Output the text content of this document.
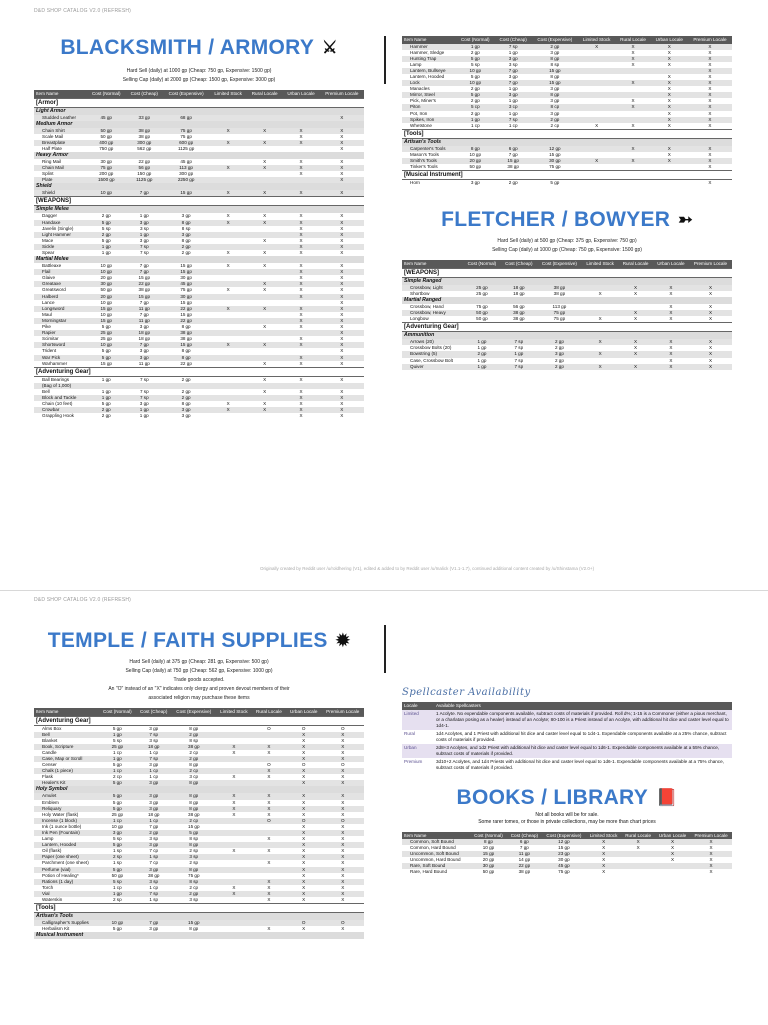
D&D SHOP CATALOG V2.0 (REFRESH)
BLACKSMITH / ARMORY ⚔
Hard Sell (daily) at 1000 gp (Cheap: 750 gp, Expensive: 1500 gp)
Selling Cap (daily) at 2000 gp (Cheap: 1500 gp, Expensive: 3000 gp)
Item Name	Cost (Normal)	Cost (Cheap)	Cost (Expensive)	Limited Stock	Rural Locale	Urban Locale	Premium Locale
[Armor]							
Light Armor							
Studded Leather	45 gp	33 gp	68 gp				X
Medium Armor							
Chain Shirt	50 gp	38 gp	75 gp	X	X	X	X
Scale Mail	50 gp	38 gp	75 gp			X	X
Breastplate	400 gp	300 gp	600 gp	X	X	X	X
Half Plate	750 gp	562 gp	1125 gp				X
Heavy Armor							
Ring Mail	30 gp	22 gp	45 gp		X	X	X
Chain Mail	75 gp	56 gp	113 gp	X	X	X	X
Splint	200 gp	150 gp	300 gp			X	X
Plate	1500 gp	1125 gp	2250 gp				X
Shield							
Shield	10 gp	7 gp	15 gp	X	X	X	X
[WEAPONS]							
Simple Melee							
Dagger	2 gp	1 gp	3 gp	X	X	X	X
Handaxe	5 gp	3 gp	8 gp	X	X	X	X
Javelin (Single)	5 sp	3 sp	8 sp			X	X
Light Hammer	2 gp	1 gp	3 gp			X	X
Mace	5 gp	3 gp	8 gp		X	X	X
Sickle	1 gp	7 sp	2 gp			X	X
Spear	1 gp	7 sp	2 gp	X	X	X	X
Martial Melee							
Battleaxe	10 gp	7 gp	15 gp	X	X	X	X
Flail	10 gp	7 gp	15 gp			X	X
Glaive	20 gp	15 gp	30 gp			X	X
Greataxe	30 gp	22 gp	45 gp		X	X	X
Greatsword	50 gp	38 gp	75 gp	X	X	X	X
Halberd	20 gp	15 gp	30 gp			X	X
Lance	10 gp	7 gp	15 gp				X
Longsword	15 gp	11 gp	22 gp	X	X	X	X
Maul	10 gp	7 gp	15 gp			X	X
Morningstar	15 gp	11 gp	22 gp			X	X
Pike	5 gp	3 gp	8 gp		X	X	X
Rapier	25 gp	18 gp	38 gp				X
Scimitar	25 gp	18 gp	38 gp			X	X
Shortsword	10 gp	7 gp	15 gp	X	X	X	X
Trident	5 gp	3 gp	8 gp				X
War Pick	5 gp	3 gp	8 gp			X	X
Warhammer	15 gp	11 gp	22 gp		X	X	X
[Adventuring Gear]							
Ball Bearings	1 gp	7 sp	2 gp		X	X	X
(Bag of 1,000)							
Bell	1 gp	7 sp	2 gp		X	X	X
Block and Tackle	1 gp	7 sp	2 gp			X	X
Chain (10 feet)	5 gp	3 gp	8 gp	X	X	X	X
Crowbar	2 gp	1 gp	3 gp	X	X	X	X
Grappling Hook	2 gp	1 gp	3 gp			X	X
Item Name	Cost (Normal)	Cost (Cheap)	Cost (Expensive)	Limited Stock	Rural Locale	Urban Locale	Premium Locale
Hammer	1 gp	7 sp	2 gp	X	X	X	X
Hammer, Sledge	2 gp	1 gp	3 gp		X	X	X
Hunting Trap	5 gp	3 gp	8 gp		X	X	X
Lamp	5 sp	3 sp	8 sp		X	X	X
Lantern, Bullseye	10 gp	7 gp	15 gp				X
Lantern, Hooded	5 gp	3 gp	8 gp			X	X
Lock	10 gp	7 gp	15 gp		X	X	X
Manacles	2 gp	1 gp	3 gp			X	X
Mirror, Steel	5 gp	3 gp	8 gp			X	X
Pick, Miner's	2 gp	1 gp	3 gp		X	X	X
Piton	5 cp	3 cp	8 cp		X	X	X
Pot, Iron	2 gp	1 gp	3 gp			X	X
Spikes, Iron	1 gp	7 sp	2 gp			X	X
Whetstone	1 cp	1 cp	2 cp	X	X	X	X
[Tools]							
Artisan's Tools							
Carpenter's Tools	8 gp	6 gp	12 gp		X	X	X
Mason's Tools	10 gp	7 gp	15 gp			X	X
Smith's Tools	20 gp	15 gp	30 gp	X	X	X	X
Tinker's Tools	50 gp	38 gp	75 gp				X
[Musical Instrument]							
Horn	3 gp	2 gp	5 gp				X
FLETCHER / BOWYER ➳
Hard Sell (daily) at 500 gp (Cheap: 375 gp, Expensive: 750 gp)
Selling Cap (daily) at 1000 gp (Cheap: 750 gp, Expensive: 1500 gp)
Item Name	Cost (Normal)	Cost (Cheap)	Cost (Expensive)	Limited Stock	Rural Locale	Urban Locale	Premium Locale
[WEAPONS]							
Simple Ranged							
Crossbow, Light	25 gp	18 gp	38 gp		X	X	X
Shortbow	25 gp	18 gp	38 gp	X	X	X	X
Martial Ranged							
Crossbow, Hand	75 gp	56 gp	113 gp			X	X
Crossbow, Heavy	50 gp	38 gp	75 gp		X	X	X
Longbow	50 gp	38 gp	75 gp	X	X	X	X
[Adventuring Gear]							
Ammunition							
Arrows (20)	1 gp	7 sp	2 gp	X	X	X	X
Crossbow Bolts (20)	1 gp	7 sp	2 gp		X	X	X
Bowstring (5)	2 gp	1 gp	3 gp	X	X	X	X
Case, Crossbow Bolt	1 gp	7 sp	2 gp			X	X
Quiver	1 gp	7 sp	2 gp	X	X	X	X
Originally created by Reddit user /u/roldhering (V1), edited & added to by Reddit user /u/Inalick (V1.1-1.7), continued additional content created by /u/Shinstama (V2.0+)
D&D SHOP CATALOG V2.0 (REFRESH)
TEMPLE / FAITH SUPPLIES ✹
Hard Sell (daily) at 375 gp (Cheap: 281 gp, Expensive: 500 gp)
Selling Cap (daily) at 750 gp (Cheap: 562 gp, Expensive: 1000 gp)
Trade goods accepted.
An "O" instead of an "X" indicates only clergy and proven devout members of their
associated religion may purchase these items
Item Name	Cost (Normal)	Cost (Cheap)	Cost (Expensive)	Limited Stock	Rural Locale	Urban Locale	Premium Locale
[Adventuring Gear]							
Alms Box	5 gp	3 gp	8 gp		O	O	O
Bell	1 gp	7 sp	2 gp			X	X
Blanket	5 sp	3 sp	8 sp			X	X
Book, Scripture	25 gp	18 gp	38 gp	X	X	X	X
Candle	1 cp	1 cp	2 cp	X	X	X	X
Case, Map or Scroll	1 gp	7 sp	2 gp			X	X
Censer	5 gp	3 gp	8 gp		O	O	O
Chalk (1 piece)	1 cp	1 cp	2 cp		X	X	X
Flask	2 cp	1 cp	3 cp	X	X	X	X
Healer's Kit	5 gp	3 gp	8 gp			X	X
Holy Symbol							
Amulet	5 gp	3 gp	8 gp	X	X	X	X
Emblem	5 gp	3 gp	8 gp	X	X	X	X
Reliquary	5 gp	3 gp	8 gp	X	X	X	X
Holy Water (flask)	25 gp	18 gp	38 gp	X	X	X	X
Incense (1 block)	1 cp	1 cp	2 cp		O	O	O
Ink (1 ounce bottle)	10 gp	7 gp	15 gp			X	X
Ink Pen (Fountain)	3 gp	2 gp	5 gp			X	X
Lamp	5 sp	3 sp	8 sp		X	X	X
Lantern, Hooded	5 gp	3 gp	8 gp			X	X
Oil (flask)	1 sp	7 cp	2 sp	X	X	X	X
Paper (one sheet)	2 sp	1 sp	3 sp			X	X
Parchment (one sheet)	1 sp	7 cp	2 sp		X	X	X
Perfume (vial)	5 gp	3 gp	8 gp			X	X
Potion of Healing*	50 gp	38 gp	75 gp			X	X
Rations (1 day)	5 sp	3 sp	8 sp		X	X	X
Torch	1 cp	1 cp	2 cp	X	X	X	X
Vial	1 gp	7 sp	2 gp	X	X	X	X
Waterskin	2 sp	1 sp	3 sp		X	X	X
[Tools]							
Artisan's Tools							
Calligrapher's Supplies	10 gp	7 gp	15 gp			O	O
Herbalism Kit	5 gp	3 gp	8 gp		X	X	X
Musical Instrument							
Spellcaster Availability
Locale	Available Spellcasters
Limited	1 Acolyte. No expendable components available, subtract costs of materials if provided. Roll d%; 1-15 is a Commoner (either a pious merchant, or a charlatan posing as a healer) instead of an Acolyte; 80-100 is a Priest instead of an Acolyte, with additional hit dice and caster level equal to 1d4-1.
Rural	1d4 Acolytes, and 1 Priest with additional hit dice and caster level equal to 1d4-1. Expendable components available at a 25% chance, subtract costs of materials if provided.
Urban	2d8+3 Acolytes, and 1d2 Priest with additional hit dice and caster level equal to 1d6-1. Expendable components available at a 55% chance, subtract costs of materials if provided.
Premium	3d10+2 Acolytes, and 1d4 Priests with additional hit dice and caster level equal to 1d6-1. Expendable components available at a 75% chance, subtract costs of materials if provided.
BOOKS / LIBRARY 📕
Not all books will be for sale.
Some rarer tomes, or those in private collections, may be more than chart prices
Item Name	Cost (Normal)	Cost (Cheap)	Cost (Expensive)	Limited Stock	Rural Locale	Urban Locale	Premium Locale
Common, Soft Bound	8 gp	6 gp	12 gp	X	X	X	X
Common, Hard Bound	10 gp	7 gp	15 gp	X	X	X	X
Uncommon, Soft Bound	15 gp	11 gp	23 gp	X		X	X
Uncommon, Hard Bound	20 gp	14 gp	30 gp	X		X	X
Rare, Soft Bound	30 gp	22 gp	45 gp	X			X
Rare, Hard Bound	50 gp	38 gp	75 gp	X			X
